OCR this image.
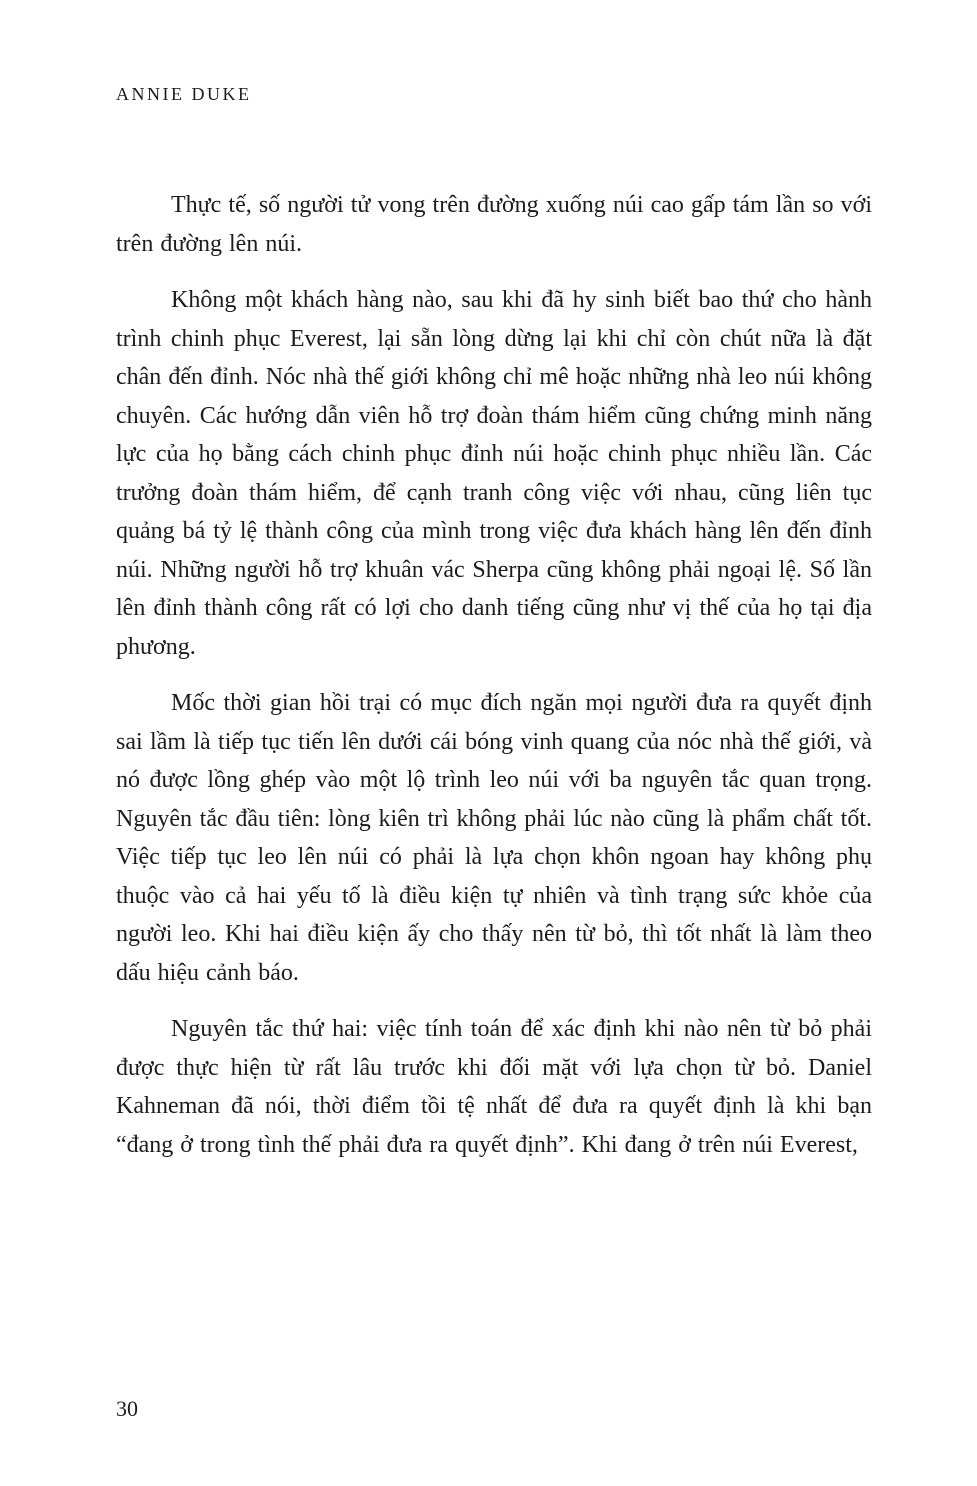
ANNIE DUKE

Thực tế, số người tử vong trên đường xuống núi cao gấp tám lần so với trên đường lên núi.

Không một khách hàng nào, sau khi đã hy sinh biết bao thứ cho hành trình chinh phục Everest, lại sẵn lòng dừng lại khi chỉ còn chút nữa là đặt chân đến đỉnh. Nóc nhà thế giới không chỉ mê hoặc những nhà leo núi không chuyên. Các hướng dẫn viên hỗ trợ đoàn thám hiểm cũng chứng minh năng lực của họ bằng cách chinh phục đỉnh núi hoặc chinh phục nhiều lần. Các trưởng đoàn thám hiểm, để cạnh tranh công việc với nhau, cũng liên tục quảng bá tỷ lệ thành công của mình trong việc đưa khách hàng lên đến đỉnh núi. Những người hỗ trợ khuân vác Sherpa cũng không phải ngoại lệ. Số lần lên đỉnh thành công rất có lợi cho danh tiếng cũng như vị thế của họ tại địa phương.

Mốc thời gian hồi trại có mục đích ngăn mọi người đưa ra quyết định sai lầm là tiếp tục tiến lên dưới cái bóng vinh quang của nóc nhà thế giới, và nó được lồng ghép vào một lộ trình leo núi với ba nguyên tắc quan trọng. Nguyên tắc đầu tiên: lòng kiên trì không phải lúc nào cũng là phẩm chất tốt. Việc tiếp tục leo lên núi có phải là lựa chọn khôn ngoan hay không phụ thuộc vào cả hai yếu tố là điều kiện tự nhiên và tình trạng sức khỏe của người leo. Khi hai điều kiện ấy cho thấy nên từ bỏ, thì tốt nhất là làm theo dấu hiệu cảnh báo.

Nguyên tắc thứ hai: việc tính toán để xác định khi nào nên từ bỏ phải được thực hiện từ rất lâu trước khi đối mặt với lựa chọn từ bỏ. Daniel Kahneman đã nói, thời điểm tồi tệ nhất để đưa ra quyết định là khi bạn “đang ở trong tình thế phải đưa ra quyết định”. Khi đang ở trên núi Everest,

30
